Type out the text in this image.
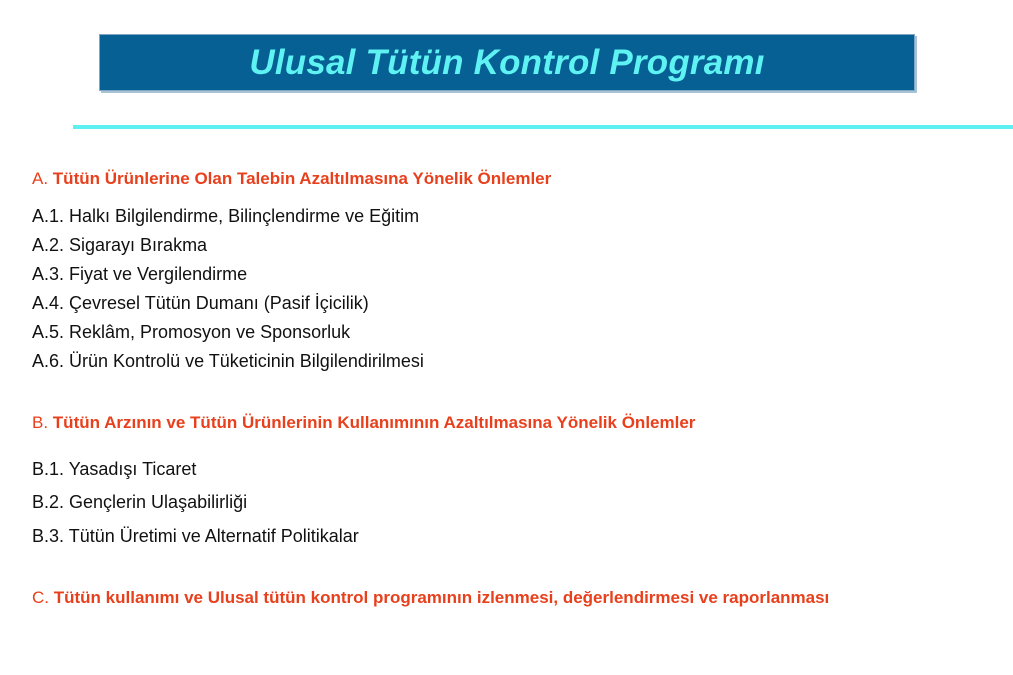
Ulusal Tütün Kontrol Programı
A. Tütün Ürünlerine Olan Talebin Azaltılmasına Yönelik Önlemler
A.1. Halkı Bilgilendirme, Bilinçlendirme ve Eğitim
A.2. Sigarayı Bırakma
A.3. Fiyat ve Vergilendirme
A.4. Çevresel Tütün Dumanı (Pasif İçicilik)
A.5. Reklâm, Promosyon ve Sponsorluk
A.6. Ürün Kontrolü ve Tüketicinin Bilgilendirilmesi
B. Tütün Arzının ve Tütün Ürünlerinin Kullanımının Azaltılmasına Yönelik Önlemler
B.1. Yasadışı Ticaret
B.2. Gençlerin Ulaşabilirliği
B.3. Tütün Üretimi ve Alternatif Politikalar
C. Tütün kullanımı ve Ulusal tütün kontrol programının izlenmesi, değerlendirmesi ve raporlanması
